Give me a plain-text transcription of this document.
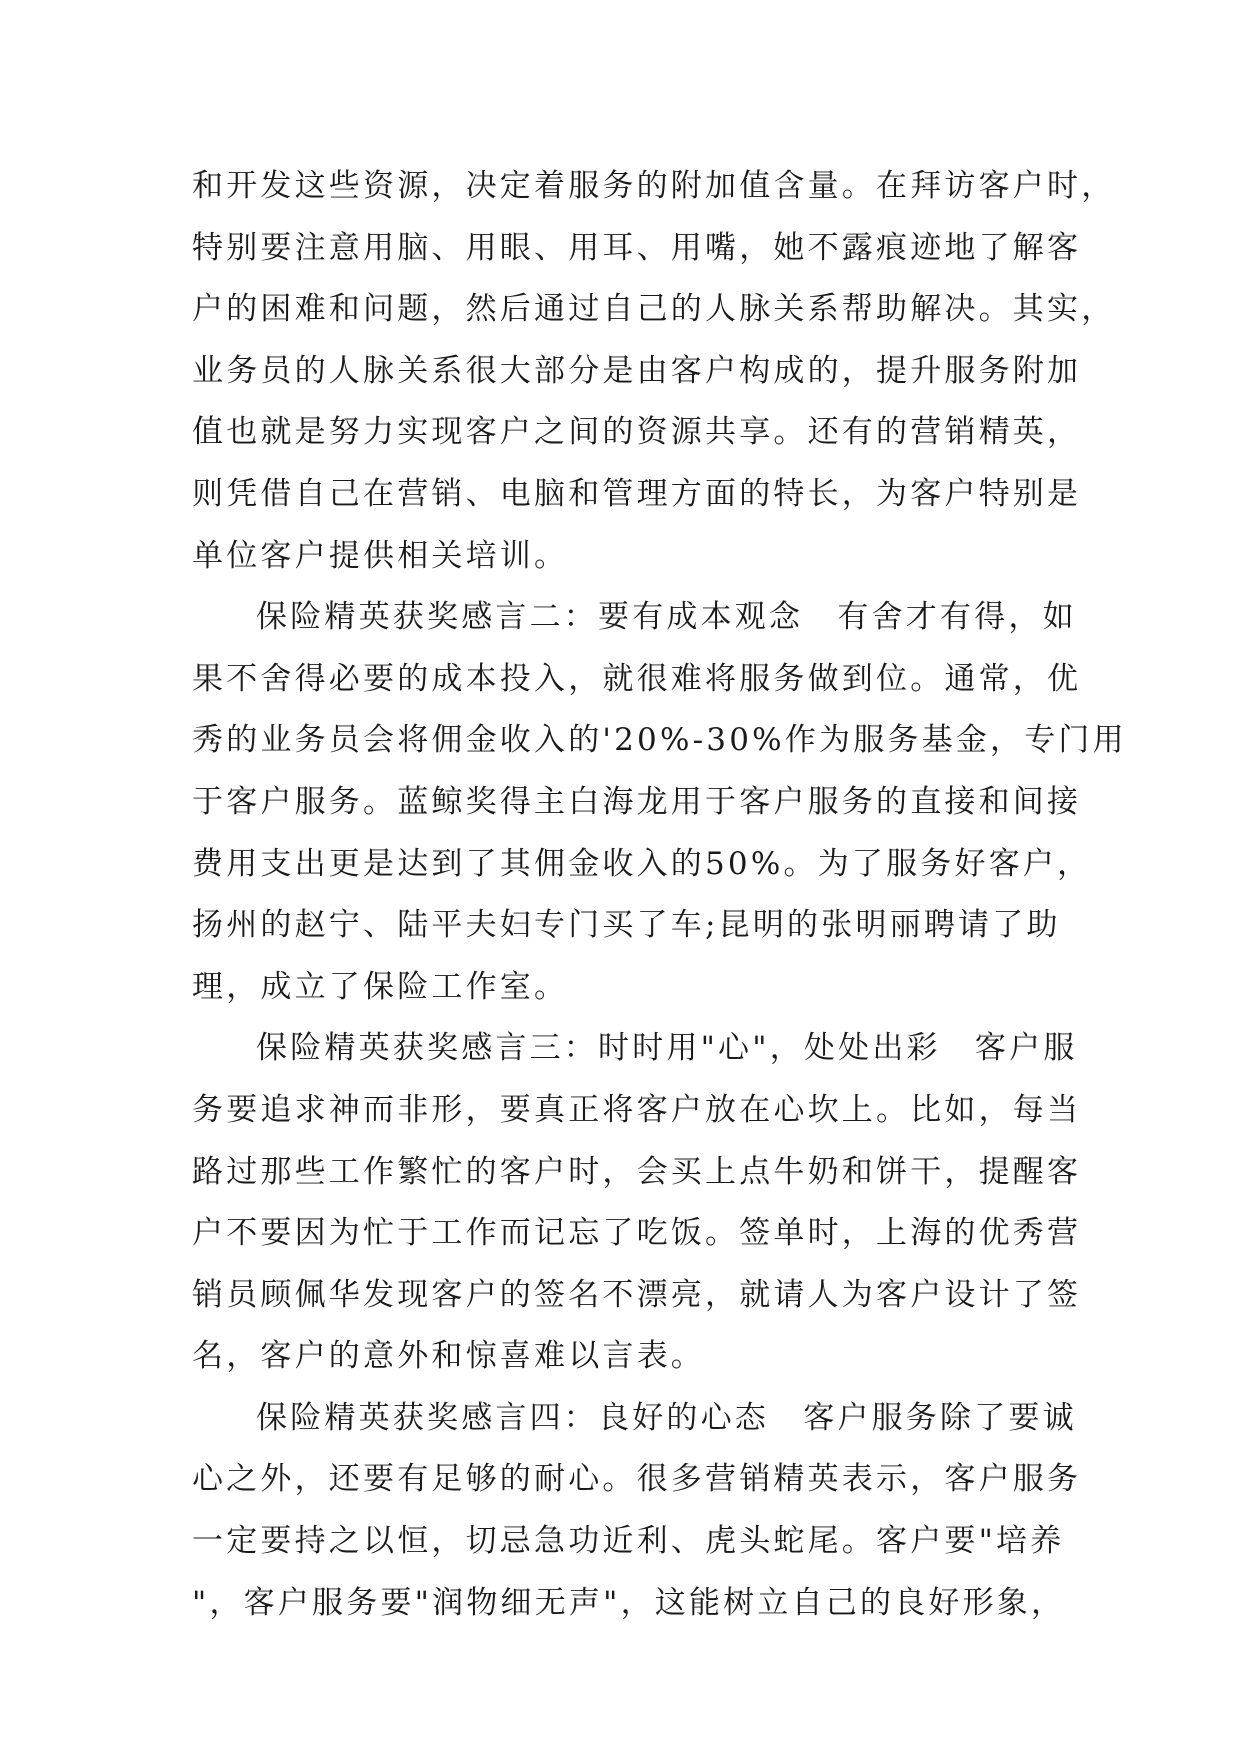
和开发这些资源，决定着服务的附加值含量。在拜访客户时，
特别要注意用脑、用眼、用耳、用嘴，她不露痕迹地了解客
户的困难和问题，然后通过自己的人脉关系帮助解决。其实，
业务员的人脉关系很大部分是由客户构成的，提升服务附加
值也就是努力实现客户之间的资源共享。还有的营销精英，
则凭借自己在营销、电脑和管理方面的特长，为客户特别是
单位客户提供相关培训。
保险精英获奖感言二：要有成本观念　有舍才有得，如
果不舍得必要的成本投入，就很难将服务做到位。通常，优
秀的业务员会将佣金收入的'20%-30%作为服务基金，专门用
于客户服务。蓝鲸奖得主白海龙用于客户服务的直接和间接
费用支出更是达到了其佣金收入的50%。为了服务好客户，
扬州的赵宁、陆平夫妇专门买了车;昆明的张明丽聘请了助
理，成立了保险工作室。
保险精英获奖感言三：时时用"心"，处处出彩　客户服
务要追求神而非形，要真正将客户放在心坎上。比如，每当
路过那些工作繁忙的客户时，会买上点牛奶和饼干，提醒客
户不要因为忙于工作而记忘了吃饭。签单时，上海的优秀营
销员顾佩华发现客户的签名不漂亮，就请人为客户设计了签
名，客户的意外和惊喜难以言表。
保险精英获奖感言四：良好的心态　客户服务除了要诚
心之外，还要有足够的耐心。很多营销精英表示，客户服务
一定要持之以恒，切忌急功近利、虎头蛇尾。客户要"培养
"，客户服务要"润物细无声"，这能树立自己的良好形象，
